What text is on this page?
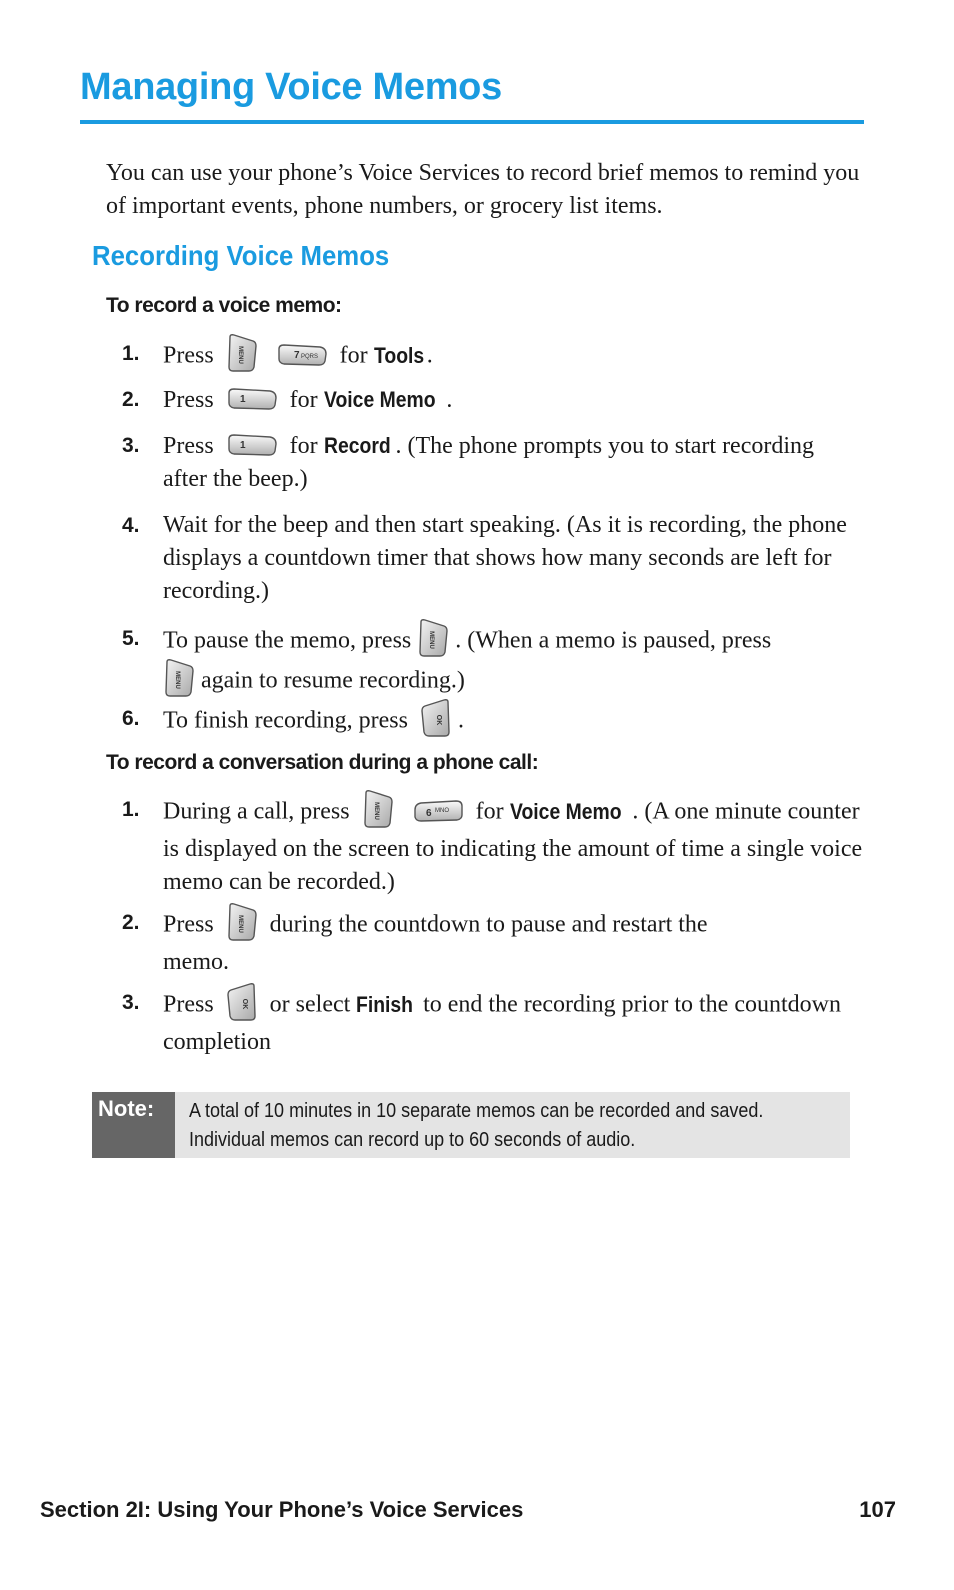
Managing Voice Memos

You can use your phone’s Voice Services to record brief memos to remind you of important events, phone numbers, or grocery list items.

Recording Voice Memos

To record a voice memo:

1. Press	MENU
	7 PQRS for Tools .
2. Press	1 for Voice Memo .
3. Press	1 for Record . (The phone prompts you to start recording after the beep.)
4. Wait for the beep and then start speaking. (As it is recording, the phone displays a countdown timer that shows how many seconds are left for recording.)
5. To pause the memo, press	MENU . (When a memo is paused, press

MENU again to resume recording.)
6. To finish recording, press	OK .

To record a conversation during a phone call:

1. During a call, press	MENU
	6 MNO for Voice Memo . (A one minute counter is displayed on the screen to indicating the amount of time a single voice memo can be recorded.)
2. Press	MENU during the countdown to pause and restart the memo.
3. Press	OK or select Finish to end the recording prior to the countdown completion
Note:	A total of 10 minutes in 10 separate memos can be recorded and saved. Individual memos can record up to 60 seconds of audio.
Section 2I: Using Your Phone’s Voice Services	107
